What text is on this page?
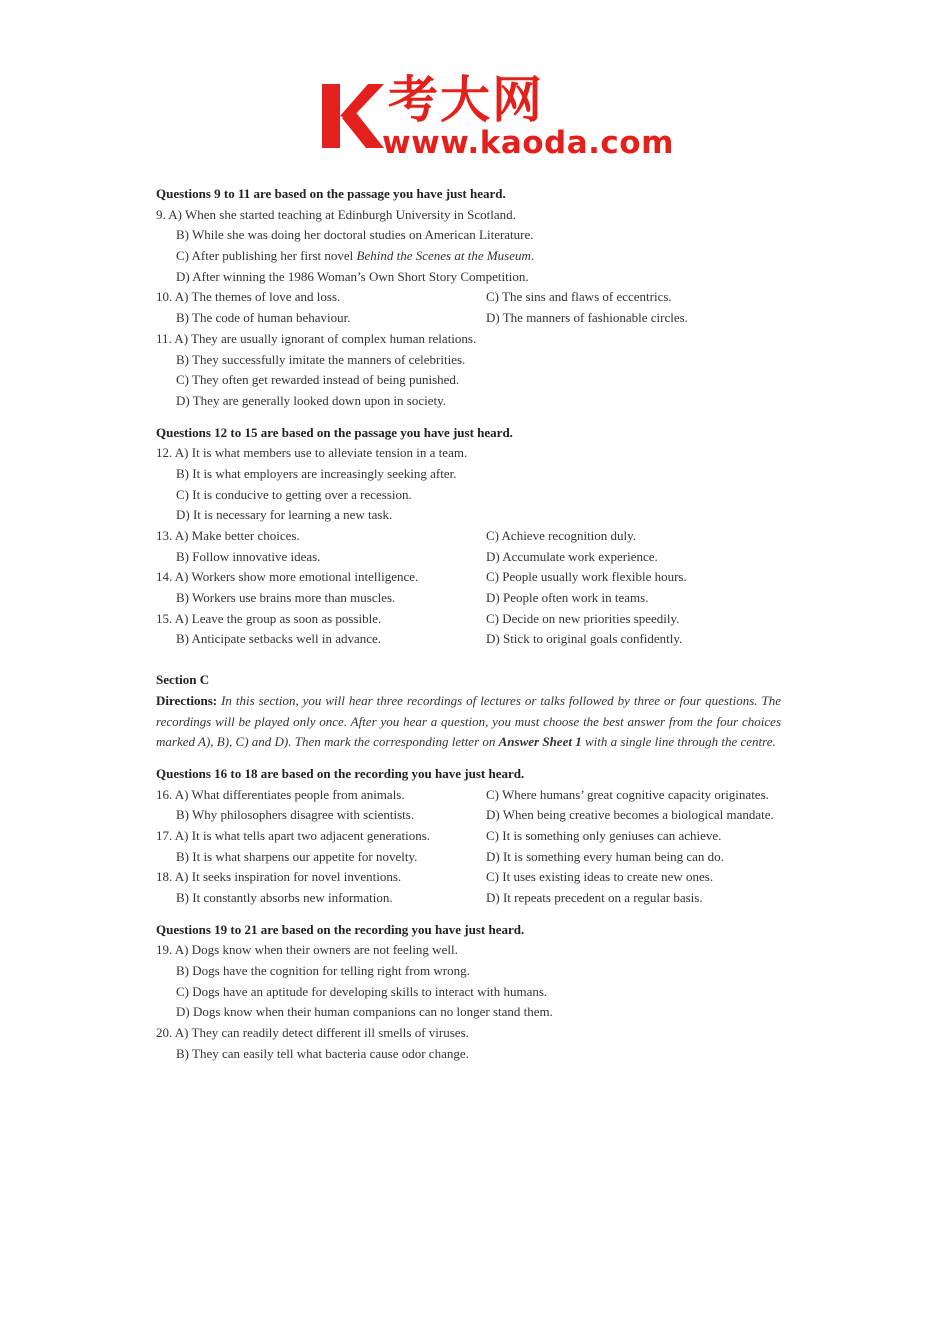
考大网
www.kaoda.com
Questions 9 to 11 are based on the passage you have just heard.
9. A) When she started teaching at Edinburgh University in Scotland.
B) While she was doing her doctoral studies on American Literature.
C) After publishing her first novel Behind the Scenes at the Museum.
D) After winning the 1986 Woman’s Own Short Story Competition.
10. A) The themes of love and loss.	C) The sins and flaws of eccentrics.
B) The code of human behaviour.	D) The manners of fashionable circles.
11. A) They are usually ignorant of complex human relations.
B) They successfully imitate the manners of celebrities.
C) They often get rewarded instead of being punished.
D) They are generally looked down upon in society.
Questions 12 to 15 are based on the passage you have just heard.
12. A) It is what members use to alleviate tension in a team.
B) It is what employers are increasingly seeking after.
C) It is conducive to getting over a recession.
D) It is necessary for learning a new task.
13. A) Make better choices.	C) Achieve recognition duly.
B) Follow innovative ideas.	D) Accumulate work experience.
14. A) Workers show more emotional intelligence.	C) People usually work flexible hours.
B) Workers use brains more than muscles.	D) People often work in teams.
15. A) Leave the group as soon as possible.	C) Decide on new priorities speedily.
B) Anticipate setbacks well in advance.	D) Stick to original goals confidently.
Section C
Directions: In this section, you will hear three recordings of lectures or talks followed by three or four questions. The recordings will be played only once. After you hear a question, you must choose the best answer from the four choices marked A), B), C) and D). Then mark the corresponding letter on Answer Sheet 1 with a single line through the centre.
Questions 16 to 18 are based on the recording you have just heard.
16. A) What differentiates people from animals.	C) Where humans’ great cognitive capacity originates.
B) Why philosophers disagree with scientists.	D) When being creative becomes a biological mandate.
17. A) It is what tells apart two adjacent generations.	C) It is something only geniuses can achieve.
B) It is what sharpens our appetite for novelty.	D) It is something every human being can do.
18. A) It seeks inspiration for novel inventions.	C) It uses existing ideas to create new ones.
B) It constantly absorbs new information.	D) It repeats precedent on a regular basis.
Questions 19 to 21 are based on the recording you have just heard.
19. A) Dogs know when their owners are not feeling well.
B) Dogs have the cognition for telling right from wrong.
C) Dogs have an aptitude for developing skills to interact with humans.
D) Dogs know when their human companions can no longer stand them.
20. A) They can readily detect different ill smells of viruses.
B) They can easily tell what bacteria cause odor change.
